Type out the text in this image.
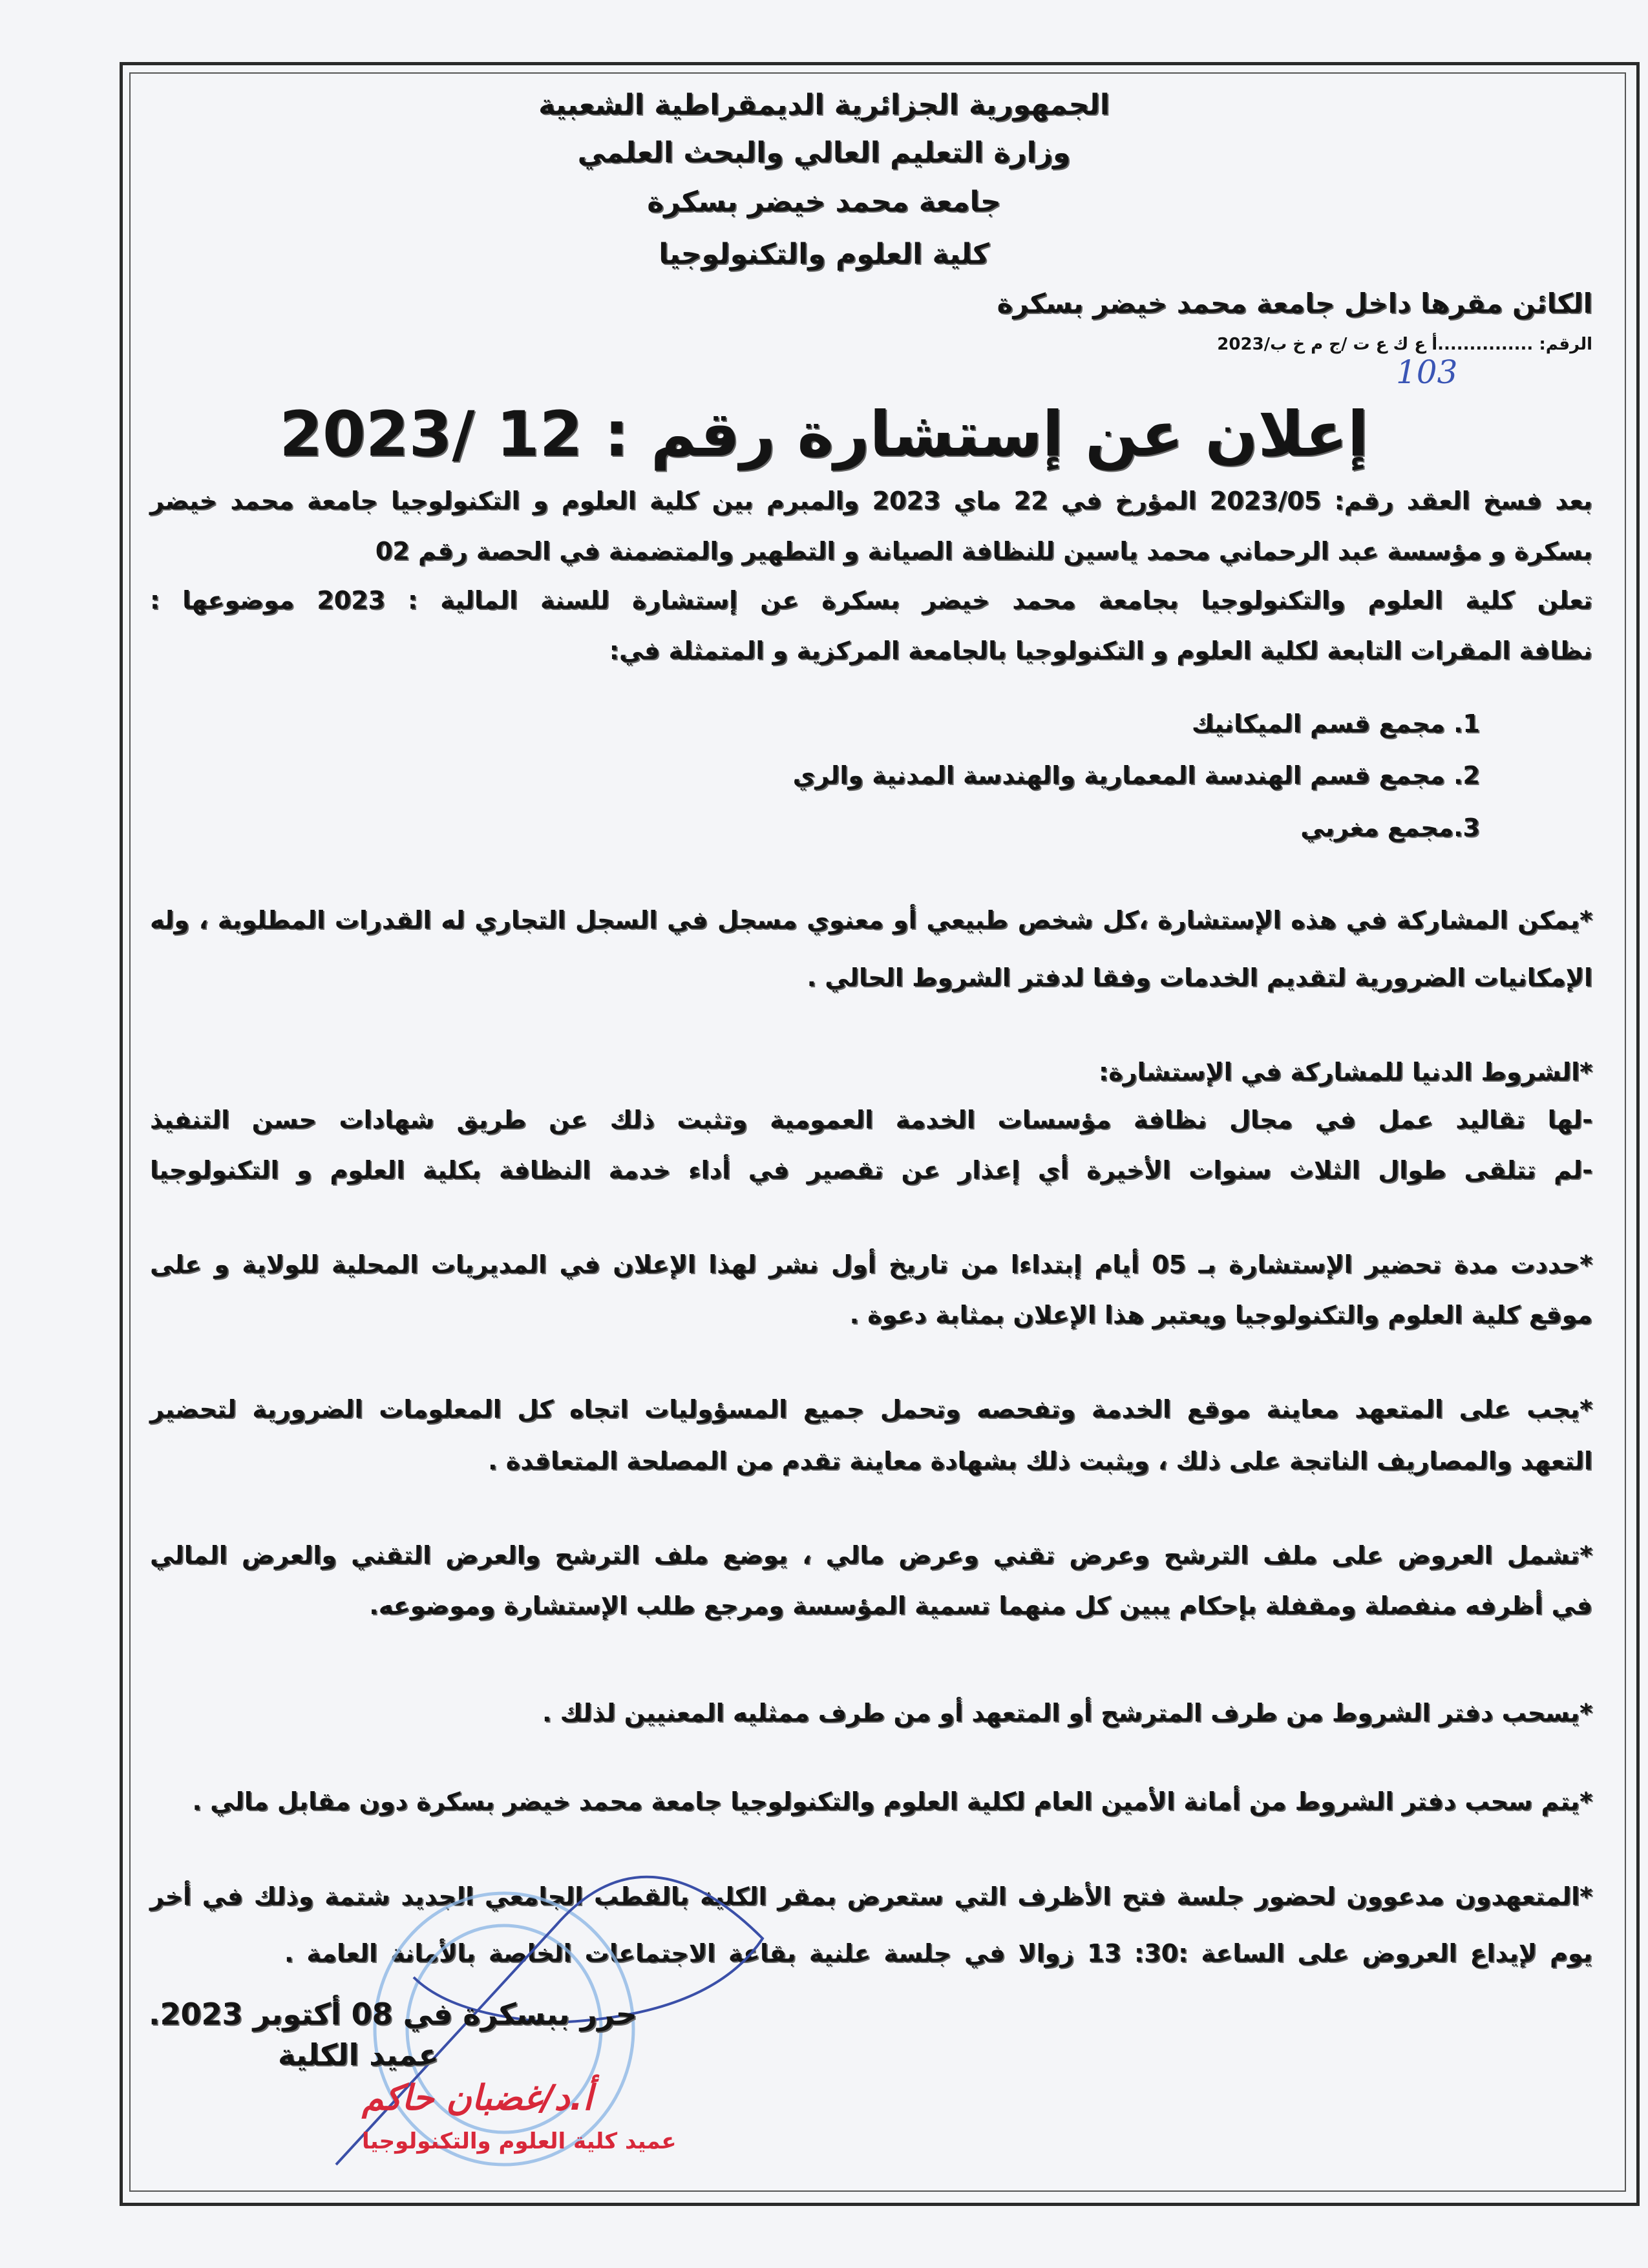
الجمهورية الجزائرية الديمقراطية الشعبية
وزارة التعليم العالي والبحث العلمي
جامعة محمد خيضر بسكرة
كلية العلوم والتكنولوجيا
الكائن مقرها داخل جامعة محمد خيضر بسكرة
الرقم: ...............أ ع ك ع ت /ج م خ ب/2023
103
إعلان عن إستشارة رقم : 12 /2023
بعد فسخ العقد رقم: 2023/05 المؤرخ في 22 ماي 2023 والمبرم بين كلية العلوم و التكنولوجيا جامعة محمد خيضر
بسكرة و مؤسسة عبد الرحماني محمد ياسين للنظافة الصيانة و التطهير والمتضمنة في الحصة رقم 02
تعلن كلية العلوم والتكنولوجيا بجامعة محمد خيضر بسكرة عن إستشارة للسنة المالية : 2023 موضوعها :
نظافة المقرات التابعة لكلية العلوم و التكنولوجيا بالجامعة المركزية و المتمثلة في:
1. مجمع قسم الميكانيك
2. مجمع قسم الهندسة المعمارية والهندسة المدنية والري
3.مجمع مغربي
*يمكن المشاركة في هذه الإستشارة ،كل شخص طبيعي أو معنوي مسجل في السجل التجاري له القدرات المطلوبة ، وله
الإمكانيات الضرورية لتقديم الخدمات وفقا لدفتر الشروط الحالي .
*الشروط الدنيا للمشاركة في الإستشارة:
-لها تقاليد عمل في مجال نظافة مؤسسات الخدمة العمومية وتثبت ذلك عن طريق شهادات حسن التنفيذ
-لم تتلقى طوال الثلاث سنوات الأخيرة أي إعذار عن تقصير في أداء خدمة النظافة بكلية العلوم و التكنولوجيا
*حددت مدة تحضير الإستشارة بـ 05 أيام إبتداءا من تاريخ أول نشر لهذا الإعلان في المديريات المحلية للولاية و على
موقع كلية العلوم والتكنولوجيا ويعتبر هذا الإعلان بمثابة دعوة .
*يجب على المتعهد معاينة موقع الخدمة وتفحصه وتحمل جميع المسؤوليات اتجاه كل المعلومات الضرورية لتحضير
التعهد والمصاريف الناتجة على ذلك ، ويثبت ذلك بشهادة معاينة تقدم من المصلحة المتعاقدة .
*تشمل العروض على ملف الترشح وعرض تقني وعرض مالي ، يوضع ملف الترشح والعرض التقني والعرض المالي
في أظرفه منفصلة ومقفلة بإحكام يبين كل منهما تسمية المؤسسة ومرجع طلب الإستشارة وموضوعه.
*يسحب دفتر الشروط من طرف المترشح أو المتعهد أو من طرف ممثليه المعنيين لذلك .
*يتم سحب دفتر الشروط من أمانة الأمين العام لكلية العلوم والتكنولوجيا جامعة محمد خيضر بسكرة دون مقابل مالي .
*المتعهدون مدعوون لحضور جلسة فتح الأظرف التي ستعرض بمقر الكلية بالقطب الجامعي الجديد شتمة وذلك في أخر
يوم لإيداع العروض على الساعة :30: 13 زوالا في جلسة علنية بقاعة الاجتماعات الخاصة بالأمانة العامة .
حرر ببسكرة في 08 أكتوبر 2023.
عميد الكلية
أ.د/غضبان حاكم
عميد كلية العلوم والتكنولوجيا
